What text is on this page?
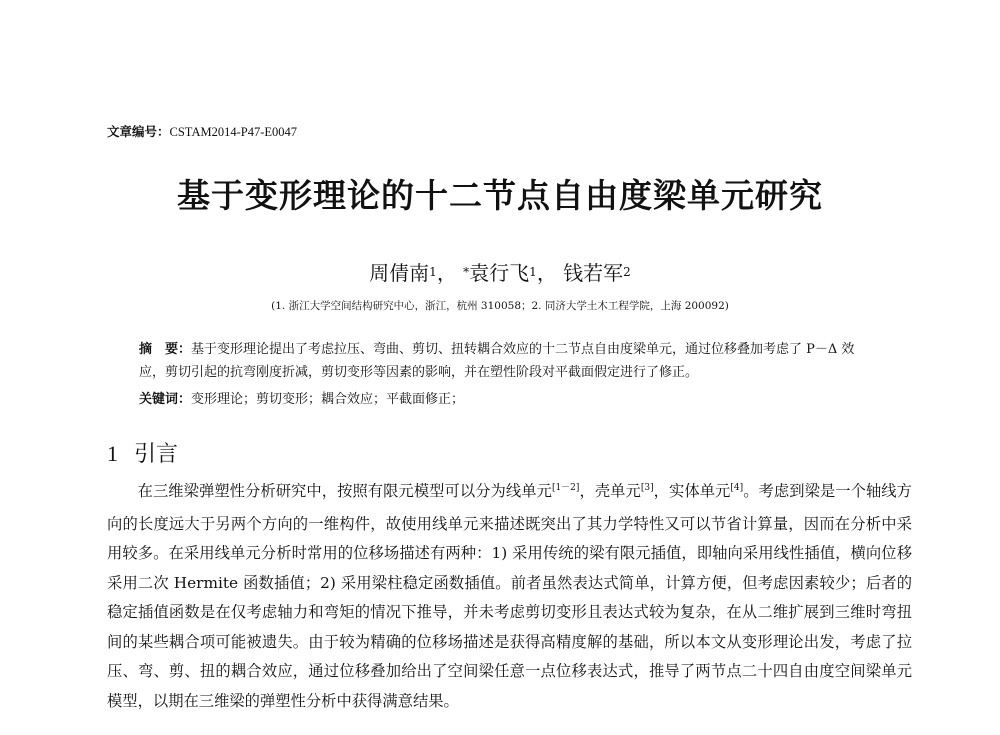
文章编号：CSTAM2014-P47-E0047
基于变形理论的十二节点自由度梁单元研究
周倩南$^1$， *袁行飞$^1$， 钱若军$^2$
(1. 浙江大学空间结构研究中心，浙江，杭州 310058；2. 同济大学土木工程学院，上海 200092)
摘　要：基于变形理论提出了考虑拉压、弯曲、剪切、扭转耦合效应的十二节点自由度梁单元，通过位移叠加考虑了 P－Δ 效应，剪切引起的抗弯刚度折减，剪切变形等因素的影响，并在塑性阶段对平截面假定进行了修正。
关键词：变形理论；剪切变形；耦合效应；平截面修正；
1 引言
在三维梁弹塑性分析研究中，按照有限元模型可以分为线单元[1－2]，壳单元[3]，实体单元[4]。考虑到梁是一个轴线方向的长度远大于另两个方向的一维构件，故使用线单元来描述既突出了其力学特性又可以节省计算量，因而在分析中采用较多。在采用线单元分析时常用的位移场描述有两种：1) 采用传统的梁有限元插值，即轴向采用线性插值，横向位移采用二次 Hermite 函数插值；2) 采用梁柱稳定函数插值。前者虽然表达式简单，计算方便，但考虑因素较少；后者的稳定插值函数是在仅考虑轴力和弯矩的情况下推导，并未考虑剪切变形且表达式较为复杂，在从二维扩展到三维时弯扭间的某些耦合项可能被遗失。由于较为精确的位移场描述是获得高精度解的基础，所以本文从变形理论出发，考虑了拉压、弯、剪、扭的耦合效应，通过位移叠加给出了空间梁任意一点位移表达式，推导了两节点二十四自由度空间梁单元模型，以期在三维梁的弹塑性分析中获得满意结果。
